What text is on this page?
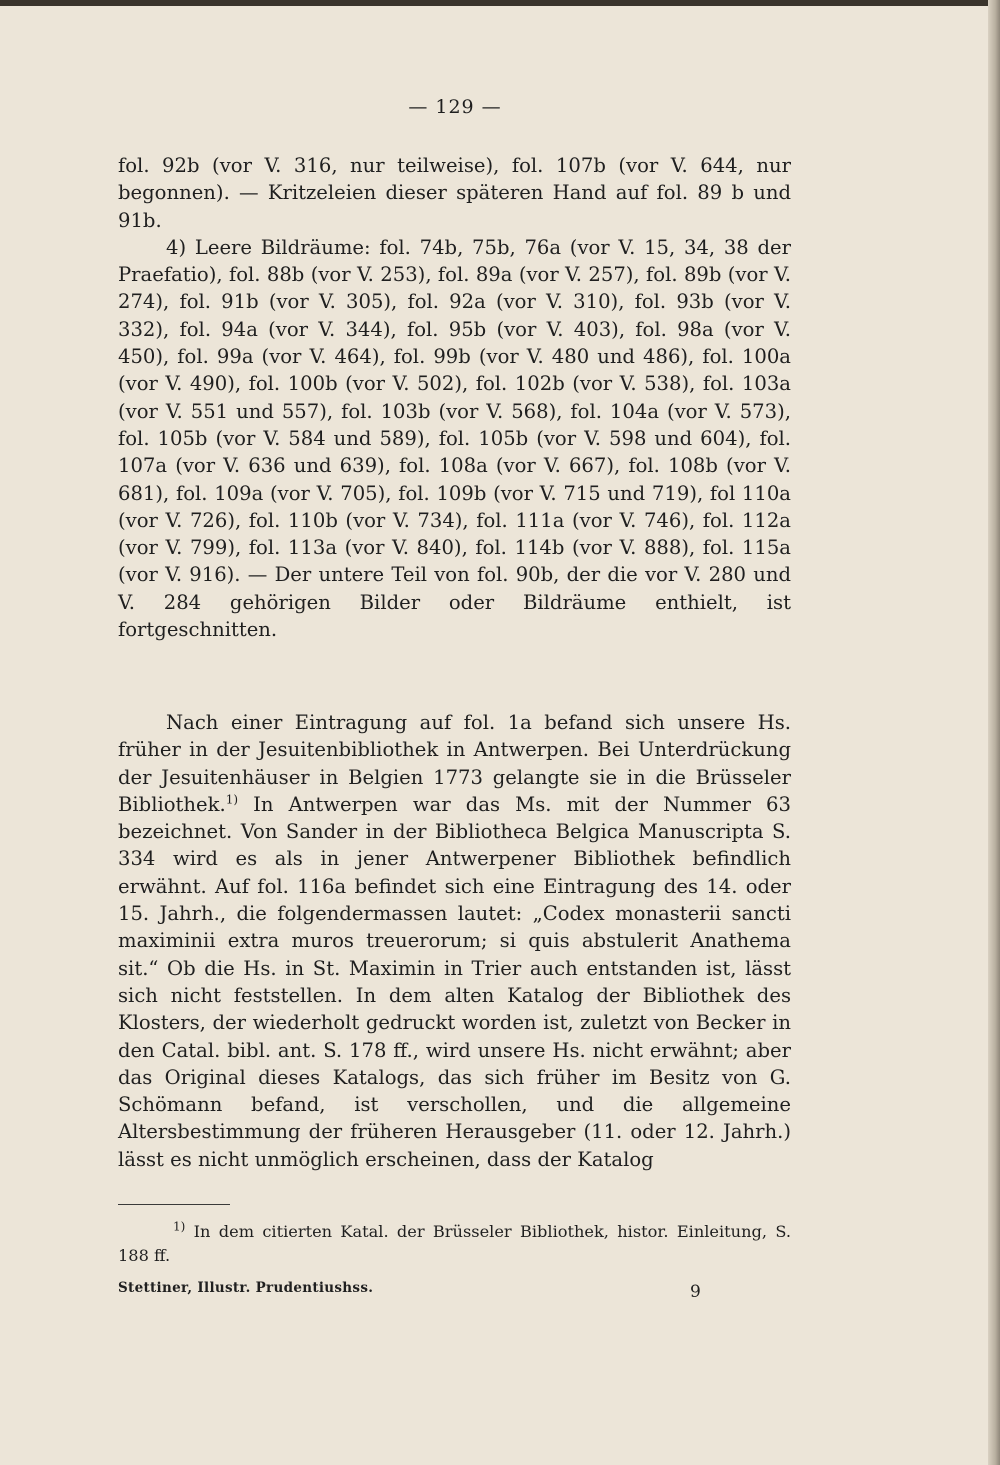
— 129 —

fol. 92b (vor V. 316, nur teilweise), fol. 107b (vor V. 644, nur begonnen). — Kritzeleien dieser späteren Hand auf fol. 89 b und 91b.

4) Leere Bildräume: fol. 74b, 75b, 76a (vor V. 15, 34, 38 der Praefatio), fol. 88b (vor V. 253), fol. 89a (vor V. 257), fol. 89b (vor V. 274), fol. 91b (vor V. 305), fol. 92a (vor V. 310), fol. 93b (vor V. 332), fol. 94a (vor V. 344), fol. 95b (vor V. 403), fol. 98a (vor V. 450), fol. 99a (vor V. 464), fol. 99b (vor V. 480 und 486), fol. 100a (vor V. 490), fol. 100b (vor V. 502), fol. 102b (vor V. 538), fol. 103a (vor V. 551 und 557), fol. 103b (vor V. 568), fol. 104a (vor V. 573), fol. 105b (vor V. 584 und 589), fol. 105b (vor V. 598 und 604), fol. 107a (vor V. 636 und 639), fol. 108a (vor V. 667), fol. 108b (vor V. 681), fol. 109a (vor V. 705), fol. 109b (vor V. 715 und 719), fol 110a (vor V. 726), fol. 110b (vor V. 734), fol. 111a (vor V. 746), fol. 112a (vor V. 799), fol. 113a (vor V. 840), fol. 114b (vor V. 888), fol. 115a (vor V. 916). — Der untere Teil von fol. 90b, der die vor V. 280 und V. 284 gehörigen Bilder oder Bildräume enthielt, ist fortgeschnitten.

Nach einer Eintragung auf fol. 1a befand sich unsere Hs. früher in der Jesuitenbibliothek in Antwerpen. Bei Unterdrückung der Jesuitenhäuser in Belgien 1773 gelangte sie in die Brüsseler Bibliothek.$^{1)}$ In Antwerpen war das Ms. mit der Nummer 63 bezeichnet. Von Sander in der Bibliotheca Belgica Manuscripta S. 334 wird es als in jener Antwerpener Bibliothek befindlich erwähnt. Auf fol. 116a befindet sich eine Eintragung des 14. oder 15. Jahrh., die folgendermassen lautet: „Codex monasterii sancti maximinii extra muros treuerorum; si quis abstulerit Anathema sit.“ Ob die Hs. in St. Maximin in Trier auch entstanden ist, lässt sich nicht feststellen. In dem alten Katalog der Bibliothek des Klosters, der wiederholt gedruckt worden ist, zuletzt von Becker in den Catal. bibl. ant. S. 178 ff., wird unsere Hs. nicht erwähnt; aber das Original dieses Katalogs, das sich früher im Besitz von G. Schömann befand, ist verschollen, und die allgemeine Altersbestimmung der früheren Herausgeber (11. oder 12. Jahrh.) lässt es nicht unmöglich erscheinen, dass der Katalog

$^{1)}$ In dem citierten Katal. der Brüsseler Bibliothek, histor. Einleitung, S. 188 ff.
Stettiner, Illustr. Prudentiushss.	9
